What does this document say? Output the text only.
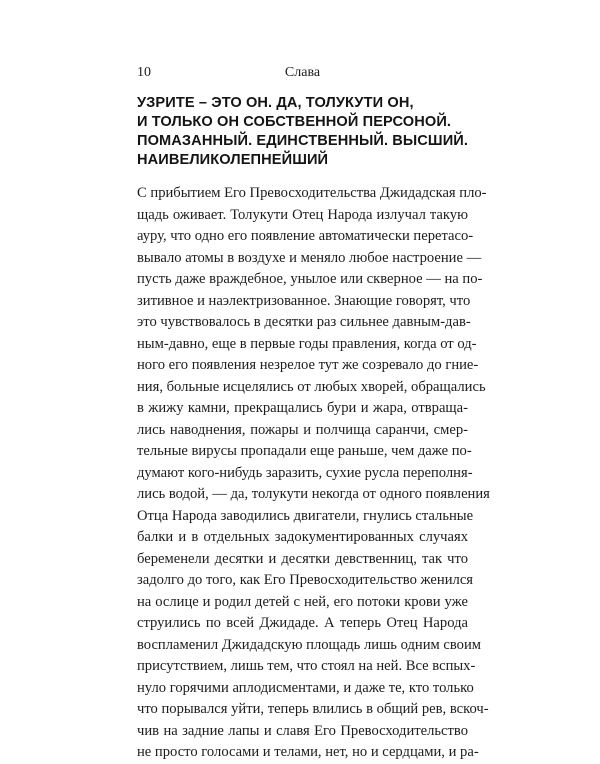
10	Слава
УЗРИТЕ – ЭТО ОН. ДА, ТОЛУКУТИ ОН,
И ТОЛЬКО ОН СОБСТВЕННОЙ ПЕРСОНОЙ.
ПОМАЗАННЫЙ. ЕДИНСТВЕННЫЙ. ВЫСШИЙ.
НАИВЕЛИКОЛЕПНЕЙШИЙ
С прибытием Его Превосходительства Джидадская пло-
щадь оживает. Толукути Отец Народа излучал такую
ауру, что одно его появление автоматически перетасо-
вывало атомы в воздухе и меняло любое настроение —
пусть даже враждебное, унылое или скверное — на по-
зитивное и наэлектризованное. Знающие говорят, что
это чувствовалось в десятки раз сильнее давным-дав-
ным-давно, еще в первые годы правления, когда от од-
ного его появления незрелое тут же созревало до гние-
ния, больные исцелялись от любых хворей, обращались
в жижу камни, прекращались бури и жара, отвраща-
лись наводнения, пожары и полчища саранчи, смер-
тельные вирусы пропадали еще раньше, чем даже по-
думают кого-нибудь заразить, сухие русла переполня-
лись водой, — да, толукути некогда от одного появления
Отца Народа заводились двигатели, гнулись стальные
балки и в отдельных задокументированных случаях
беременели десятки и десятки девственниц, так что
задолго до того, как Его Превосходительство женился
на ослице и родил детей с ней, его потоки крови уже
струились по всей Джидаде. А теперь Отец Народа
воспламенил Джидадскую площадь лишь одним своим
присутствием, лишь тем, что стоял на ней. Все вспых-
нуло горячими аплодисментами, и даже те, кто только
что порывался уйти, теперь влились в общий рев, вскоч-
чив на задние лапы и славя Его Превосходительство
не просто голосами и телами, нет, но и сердцами, и ра-
